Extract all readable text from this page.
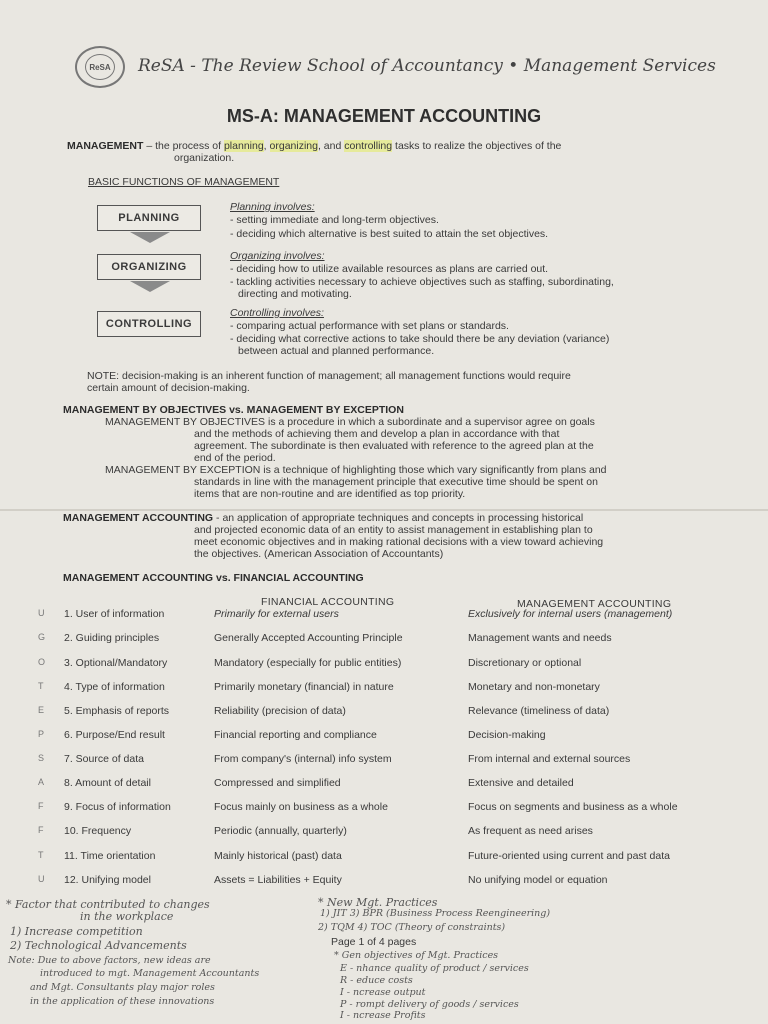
ReSA ReSA - The Review School of Accountancy • Management Services
MS-A: MANAGEMENT ACCOUNTING
MANAGEMENT – the process of planning, organizing, and controlling tasks to realize the objectives of the
organization.
BASIC FUNCTIONS OF MANAGEMENT
PLANNING
Planning involves:
- setting immediate and long-term objectives.
- deciding which alternative is best suited to attain the set objectives.
ORGANIZING
Organizing involves:
- deciding how to utilize available resources as plans are carried out.
- tackling activities necessary to achieve objectives such as staffing, subordinating,
directing and motivating.
CONTROLLING
Controlling involves:
- comparing actual performance with set plans or standards.
- deciding what corrective actions to take should there be any deviation (variance)
between actual and planned performance.
NOTE: decision-making is an inherent function of management; all management functions would require
certain amount of decision-making.
MANAGEMENT BY OBJECTIVES vs. MANAGEMENT BY EXCEPTION
MANAGEMENT BY OBJECTIVES is a procedure in which a subordinate and a supervisor agree on goals
and the methods of achieving them and develop a plan in accordance with that
agreement. The subordinate is then evaluated with reference to the agreed plan at the
end of the period.
MANAGEMENT BY EXCEPTION is a technique of highlighting those which vary significantly from plans and
standards in line with the management principle that executive time should be spent on
items that are non-routine and are identified as top priority.
MANAGEMENT ACCOUNTING - an application of appropriate techniques and concepts in processing historical
and projected economic data of an entity to assist management in establishing plan to
meet economic objectives and in making rational decisions with a view toward achieving
the objectives. (American Association of Accountants)
MANAGEMENT ACCOUNTING vs. FINANCIAL ACCOUNTING
FINANCIAL ACCOUNTING	MANAGEMENT ACCOUNTING
U 1. User of information	Primarily for external users	Exclusively for internal users (management)
G 2. Guiding principles	Generally Accepted Accounting Principle	Management wants and needs
O 3. Optional/Mandatory	Mandatory (especially for public entities)	Discretionary or optional
T 4. Type of information	Primarily monetary (financial) in nature	Monetary and non-monetary
E 5. Emphasis of reports	Reliability (precision of data)	Relevance (timeliness of data)
P 6. Purpose/End result	Financial reporting and compliance	Decision-making
S 7. Source of data	From company's (internal) info system	From internal and external sources
A 8. Amount of detail	Compressed and simplified	Extensive and detailed
F 9. Focus of information	Focus mainly on business as a whole	Focus on segments and business as a whole
F 10. Frequency	Periodic (annually, quarterly)	As frequent as need arises
T 11. Time orientation	Mainly historical (past) data	Future-oriented using current and past data
U 12. Unifying model	Assets = Liabilities + Equity	No unifying model or equation
* Factor that contributed to changes
in the workplace
1) Increase competition
2) Technological Advancements
Note: Due to above factors, new ideas are
introduced to mgt. Management Accountants
and Mgt. Consultants play major roles
in the application of these innovations
* New Mgt. Practices
1) JIT 3) BPR (Business Process Reengineering)
2) TQM 4) TOC (Theory of constraints)
Page 1 of 4 pages
* Gen objectives of Mgt. Practices
E - nhance quality of product / services
R - educe costs
I - ncrease output
P - rompt delivery of goods / services
I - ncrease Profits
